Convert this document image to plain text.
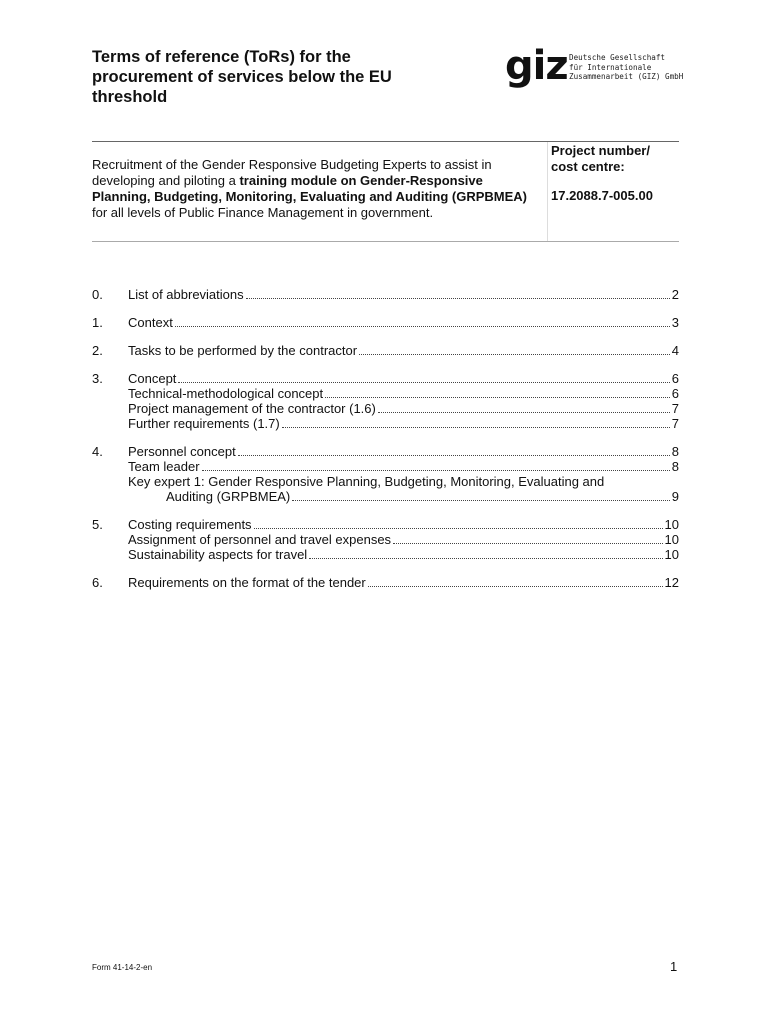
Terms of reference (ToRs) for the procurement of services below the EU threshold
giz Deutsche Gesellschaft
für Internationale
Zusammenarbeit (GIZ) GmbH
Recruitment of the Gender Responsive Budgeting Experts to assist in developing and piloting a training module on Gender-Responsive Planning, Budgeting, Monitoring, Evaluating and Auditing (GRPBMEA) for all levels of Public Finance Management in government.
Project number/ cost centre:
17.2088.7-005.00
0.	List of abbreviations	2
1.	Context	3
2.	Tasks to be performed by the contractor	4
3.	Concept	6
Technical-methodological concept	6
Project management of the contractor (1.6)	7
Further requirements (1.7)	7
4.	Personnel concept	8
Team leader	8
Key expert 1: Gender Responsive Planning, Budgeting, Monitoring, Evaluating and
Auditing (GRPBMEA)	9
5.	Costing requirements	10
Assignment of personnel and travel expenses	10
Sustainability aspects for travel	10
6.	Requirements on the format of the tender	12
Form 41-14-2-en	1
